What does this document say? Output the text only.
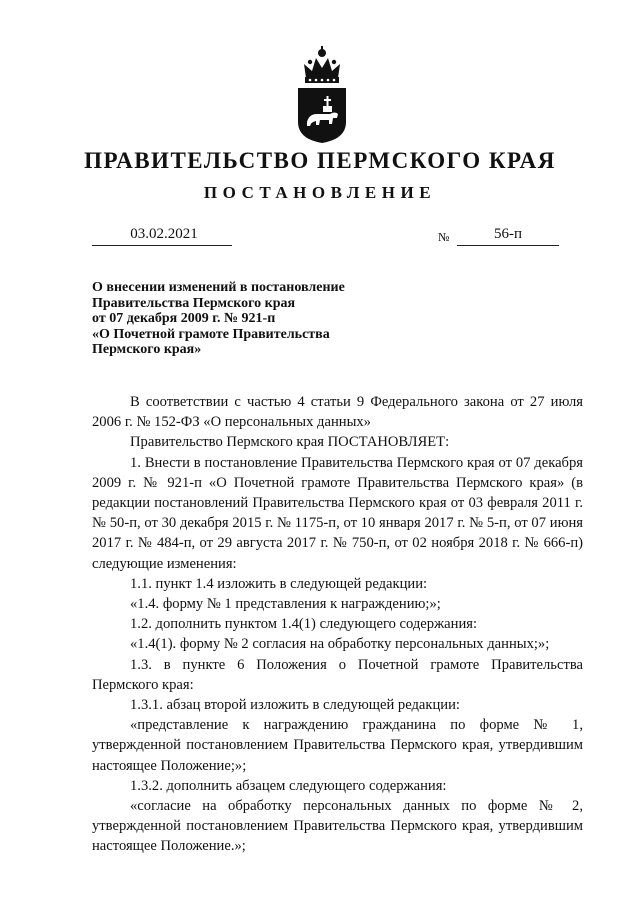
ПРАВИТЕЛЬСТВО ПЕРМСКОГО КРАЯ
ПОСТАНОВЛЕНИЕ
03.02.2021	№	56-п
О внесении изменений в постановление
Правительства Пермского края
от 07 декабря 2009 г. № 921-п
«О Почетной грамоте Правительства
Пермского края»

В соответствии с частью 4 статьи 9 Федерального закона от 27 июля 2006 г. № 152-ФЗ «О персональных данных»

Правительство Пермского края ПОСТАНОВЛЯЕТ:

1. Внести в постановление Правительства Пермского края от 07 декабря 2009 г. № 921-п «О Почетной грамоте Правительства Пермского края» (в редакции постановлений Правительства Пермского края от 03 февраля 2011 г. № 50-п, от 30 декабря 2015 г. № 1175-п, от 10 января 2017 г. № 5-п, от 07 июня 2017 г. № 484-п, от 29 августа 2017 г. № 750-п, от 02 ноября 2018 г. № 666-п) следующие изменения:

1.1. пункт 1.4 изложить в следующей редакции:

«1.4. форму № 1 представления к награждению;»;

1.2. дополнить пунктом 1.4(1) следующего содержания:

«1.4(1). форму № 2 согласия на обработку персональных данных;»;

1.3. в пункте 6 Положения о Почетной грамоте Правительства Пермского края:

1.3.1. абзац второй изложить в следующей редакции:

«представление к награждению гражданина по форме № 1, утвержденной постановлением Правительства Пермского края, утвердившим настоящее Положение;»;

1.3.2. дополнить абзацем следующего содержания:

«согласие на обработку персональных данных по форме № 2, утвержденной постановлением Правительства Пермского края, утвердившим настоящее Положение.»;
